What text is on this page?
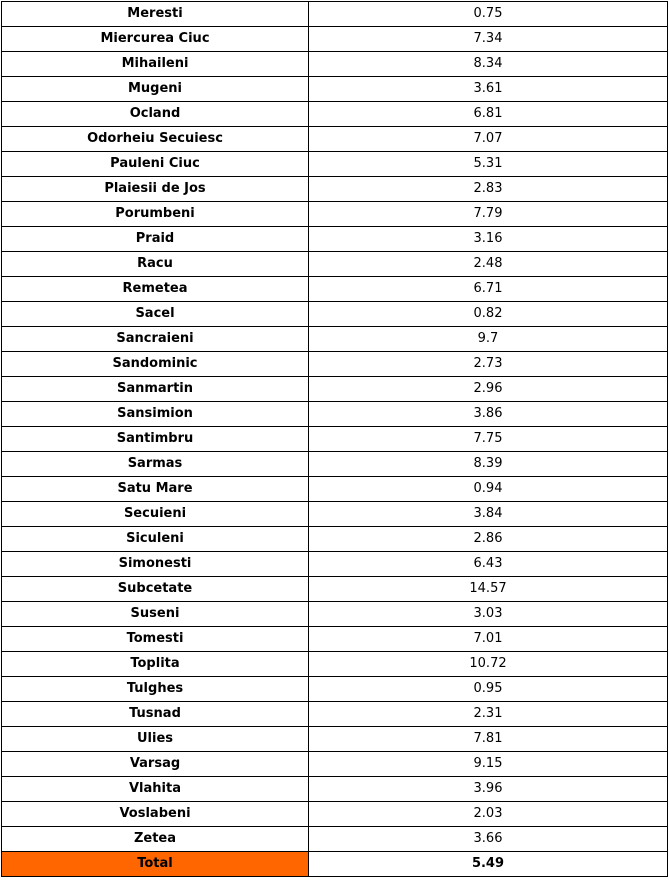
Meresti	0.75
Miercurea Ciuc	7.34
Mihaileni	8.34
Mugeni	3.61
Ocland	6.81
Odorheiu Secuiesc	7.07
Pauleni Ciuc	5.31
Plaiesii de Jos	2.83
Porumbeni	7.79
Praid	3.16
Racu	2.48
Remetea	6.71
Sacel	0.82
Sancraieni	9.7
Sandominic	2.73
Sanmartin	2.96
Sansimion	3.86
Santimbru	7.75
Sarmas	8.39
Satu Mare	0.94
Secuieni	3.84
Siculeni	2.86
Simonesti	6.43
Subcetate	14.57
Suseni	3.03
Tomesti	7.01
Toplita	10.72
Tulghes	0.95
Tusnad	2.31
Ulies	7.81
Varsag	9.15
Vlahita	3.96
Voslabeni	2.03
Zetea	3.66
Total	5.49
